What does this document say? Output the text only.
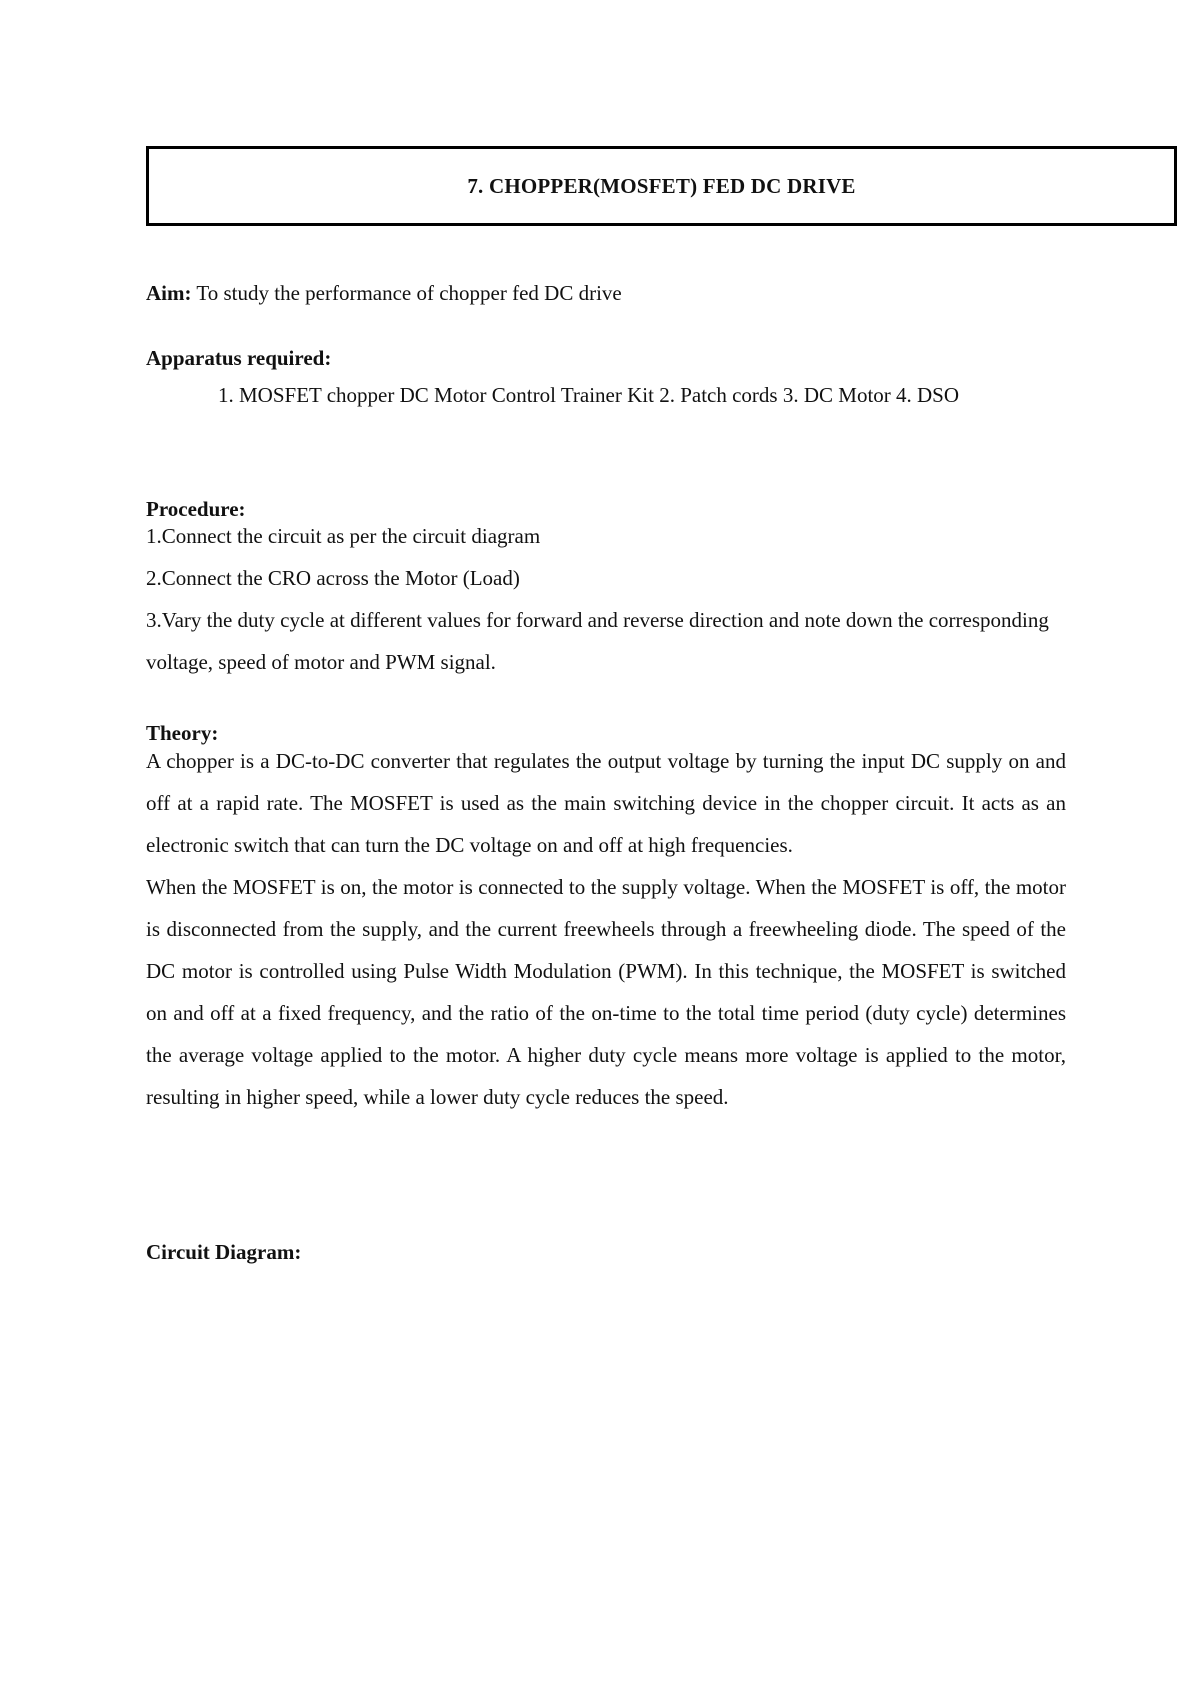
7. CHOPPER(MOSFET) FED DC DRIVE

Aim: To study the performance of chopper fed DC drive

Apparatus required:

1. MOSFET chopper DC Motor Control Trainer Kit 2. Patch cords 3. DC Motor 4. DSO

Procedure:

1.Connect the circuit as per the circuit diagram
2.Connect the CRO across the Motor (Load)
3.Vary the duty cycle at different values for forward and reverse direction and note down the corresponding voltage, speed of motor and PWM signal.

Theory:

A chopper is a DC-to-DC converter that regulates the output voltage by turning the input DC supply on and off at a rapid rate. The MOSFET is used as the main switching device in the chopper circuit. It acts as an electronic switch that can turn the DC voltage on and off at high frequencies.

When the MOSFET is on, the motor is connected to the supply voltage. When the MOSFET is off, the motor is disconnected from the supply, and the current freewheels through a freewheeling diode. The speed of the DC motor is controlled using Pulse Width Modulation (PWM). In this technique, the MOSFET is switched on and off at a fixed frequency, and the ratio of the on-time to the total time period (duty cycle) determines the average voltage applied to the motor. A higher duty cycle means more voltage is applied to the motor, resulting in higher speed, while a lower duty cycle reduces the speed.

Circuit Diagram:
